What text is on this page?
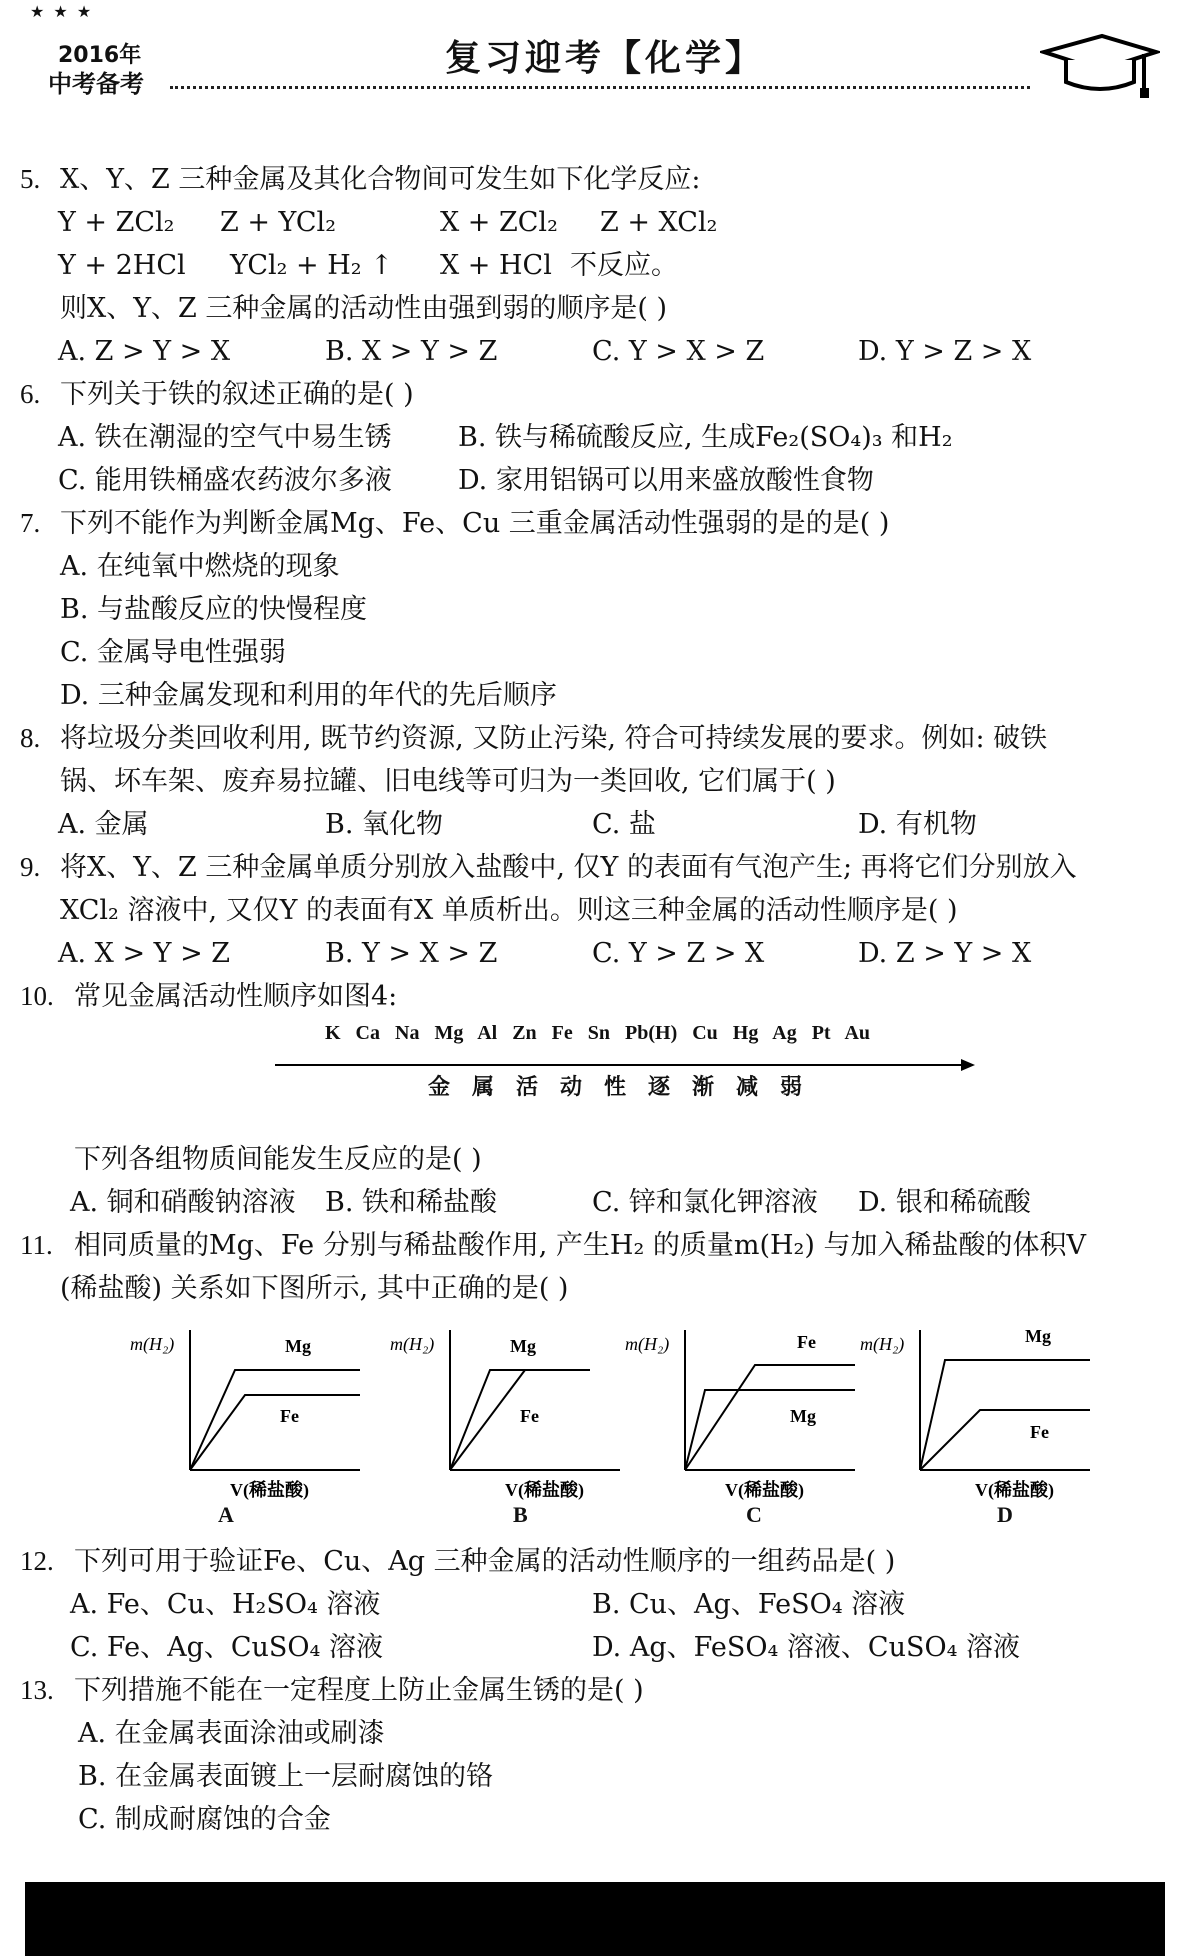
★ ★ ★
2016年
中考备考
复习迎考【化学】
5. X、Y、Z 三种金属及其化合物间可发生如下化学反应:
Y + ZCl₂ Z + YCl₂	X + ZCl₂ Z + XCl₂
Y + 2HCl YCl₂ + H₂ ↑ X + HCl 不反应。
则X、Y、Z 三种金属的活动性由强到弱的顺序是( )
A. Z > Y > X	B. X > Y > Z	C. Y > X > Z	D. Y > Z > X
6. 下列关于铁的叙述正确的是( )
A. 铁在潮湿的空气中易生锈 B. 铁与稀硫酸反应, 生成Fe₂(SO₄)₃ 和H₂
C. 能用铁桶盛农药波尔多液 D. 家用铝锅可以用来盛放酸性食物
7. 下列不能作为判断金属Mg、Fe、Cu 三重金属活动性强弱的是的是( )
A. 在纯氧中燃烧的现象
B. 与盐酸反应的快慢程度
C. 金属导电性强弱
D. 三种金属发现和利用的年代的先后顺序
8. 将垃圾分类回收利用, 既节约资源, 又防止污染, 符合可持续发展的要求。例如: 破铁
锅、坏车架、废弃易拉罐、旧电线等可归为一类回收, 它们属于( )
A. 金属	B. 氧化物	C. 盐	D. 有机物
9. 将X、Y、Z 三种金属单质分别放入盐酸中, 仅Y 的表面有气泡产生; 再将它们分别放入
XCl₂ 溶液中, 又仅Y 的表面有X 单质析出。则这三种金属的活动性顺序是( )
A. X > Y > Z	B. Y > X > Z	C. Y > Z > X	D. Z > Y > X
10. 常见金属活动性顺序如图4:
K Ca Na Mg Al Zn Fe Sn Pb(H) Cu Hg Ag Pt Au
金属活动性逐渐减弱
下列各组物质间能发生反应的是( )
A. 铜和硝酸钠溶液 B. 铁和稀盐酸	C. 锌和氯化钾溶液 D. 银和稀硫酸
11. 相同质量的Mg、Fe 分别与稀盐酸作用, 产生H₂ 的质量m(H₂) 与加入稀盐酸的体积V
(稀盐酸) 关系如下图所示, 其中正确的是( )
m(H₂)	Mg
Fe
V(稀盐酸)
A
m(H₂)	Mg
Fe
V(稀盐酸)
B
m(H₂)	Fe
Mg
V(稀盐酸)
C
m(H₂)	Mg
Fe
V(稀盐酸)
D
12. 下列可用于验证Fe、Cu、Ag 三种金属的活动性顺序的一组药品是( )
A. Fe、Cu、H₂SO₄ 溶液	B. Cu、Ag、FeSO₄ 溶液
C. Fe、Ag、CuSO₄ 溶液	D. Ag、FeSO₄ 溶液、CuSO₄ 溶液
13. 下列措施不能在一定程度上防止金属生锈的是( )
A. 在金属表面涂油或刷漆
B. 在金属表面镀上一层耐腐蚀的铬
C. 制成耐腐蚀的合金
